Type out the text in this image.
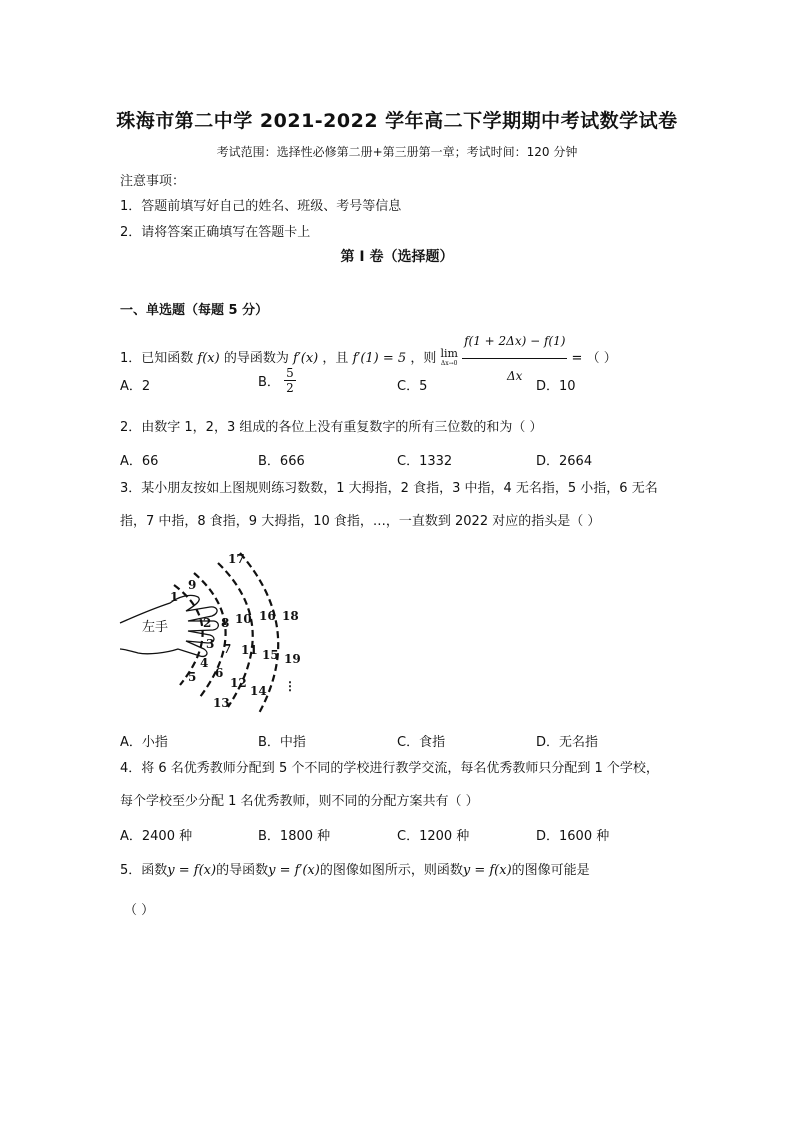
珠海市第二中学 2021-2022 学年高二下学期期中考试数学试卷
考试范围：选择性必修第二册+第三册第一章；考试时间：120 分钟
注意事项：
1．答题前填写好自己的姓名、班级、考号等信息
2．请将答案正确填写在答题卡上
第 I 卷（选择题）
一、单选题（每题 5 分）
1．已知函数 f(x) 的导函数为 f′(x) ，且 f′(1) = 5 ，则 lim
Δx→0
$\frac{f(1 + 2\Delta x) - f(1)}{\Delta x}$ = （ ）
A．2	B． $\frac{5}{2}$	C．5	D．10
2．由数字 1，2，3 组成的各位上没有重复数字的所有三位数的和为（ ）
A．66	B．666	C．1332	D．2664
3．某小朋友按如上图规则练习数数，1 大拇指，2 食指，3 中指，4 无名指，5 小指，6 无名
指，7 中指，8 食指，9 大拇指，10 食指，…，一直数到 2022 对应的指头是（ ）
左手
1
2
3
4
5 6
7
8
9
10
11
12
13
14
15
16
17
18
19
⋮
A．小指	B．中指	C．食指	D．无名指
4．将 6 名优秀教师分配到 5 个不同的学校进行教学交流，每名优秀教师只分配到 1 个学校，
每个学校至少分配 1 名优秀教师，则不同的分配方案共有（ ）
A．2400 种	B．1800 种	C．1200 种	D．1600 种
5．函数y = f(x)的导函数y = f′(x)的图像如图所示，则函数y = f(x)的图像可能是
（ ）
